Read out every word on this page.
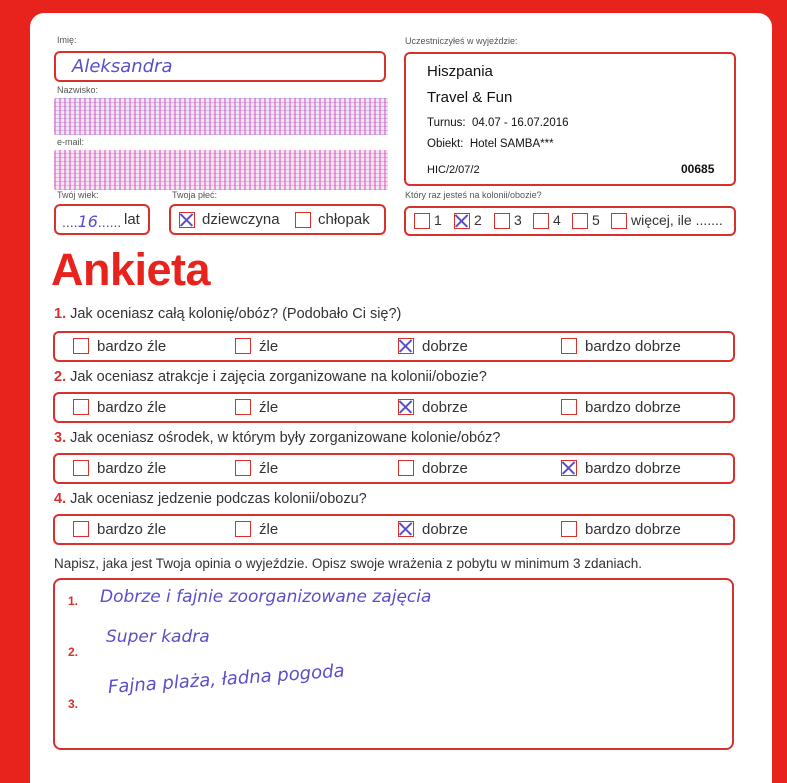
Imię:
Aleksandra
Nazwisko:
e-mail:
Twój wiek:
....16...... lat
Twoja płeć:
dziewczyna	chłopak
Uczestniczyłeś w wyjeździe:
Hiszpania
Travel & Fun
Turnus: 04.07 - 16.07.2016
Obiekt: Hotel SAMBA***
HIC/2/07/2	00685
Który raz jesteś na kolonii/obozie?
1 2 3 4 5 więcej, ile .......
Ankieta
1. Jak oceniasz całą kolonię/obóz? (Podobało Ci się?)
bardzo źle	źle	dobrze	bardzo dobrze
2. Jak oceniasz atrakcje i zajęcia zorganizowane na kolonii/obozie?
bardzo źle	źle	dobrze	bardzo dobrze
3. Jak oceniasz ośrodek, w którym były zorganizowane kolonie/obóz?
bardzo źle	źle	dobrze	bardzo dobrze
4. Jak oceniasz jedzenie podczas kolonii/obozu?
bardzo źle	źle	dobrze	bardzo dobrze
Napisz, jaka jest Twoja opinia o wyjeździe. Opisz swoje wrażenia z pobytu w minimum 3 zdaniach.
1. Dobrze i fajnie zoorganizowane zajęcia
2.
Super kadra
3.
Fajna plaża, ładna pogoda
